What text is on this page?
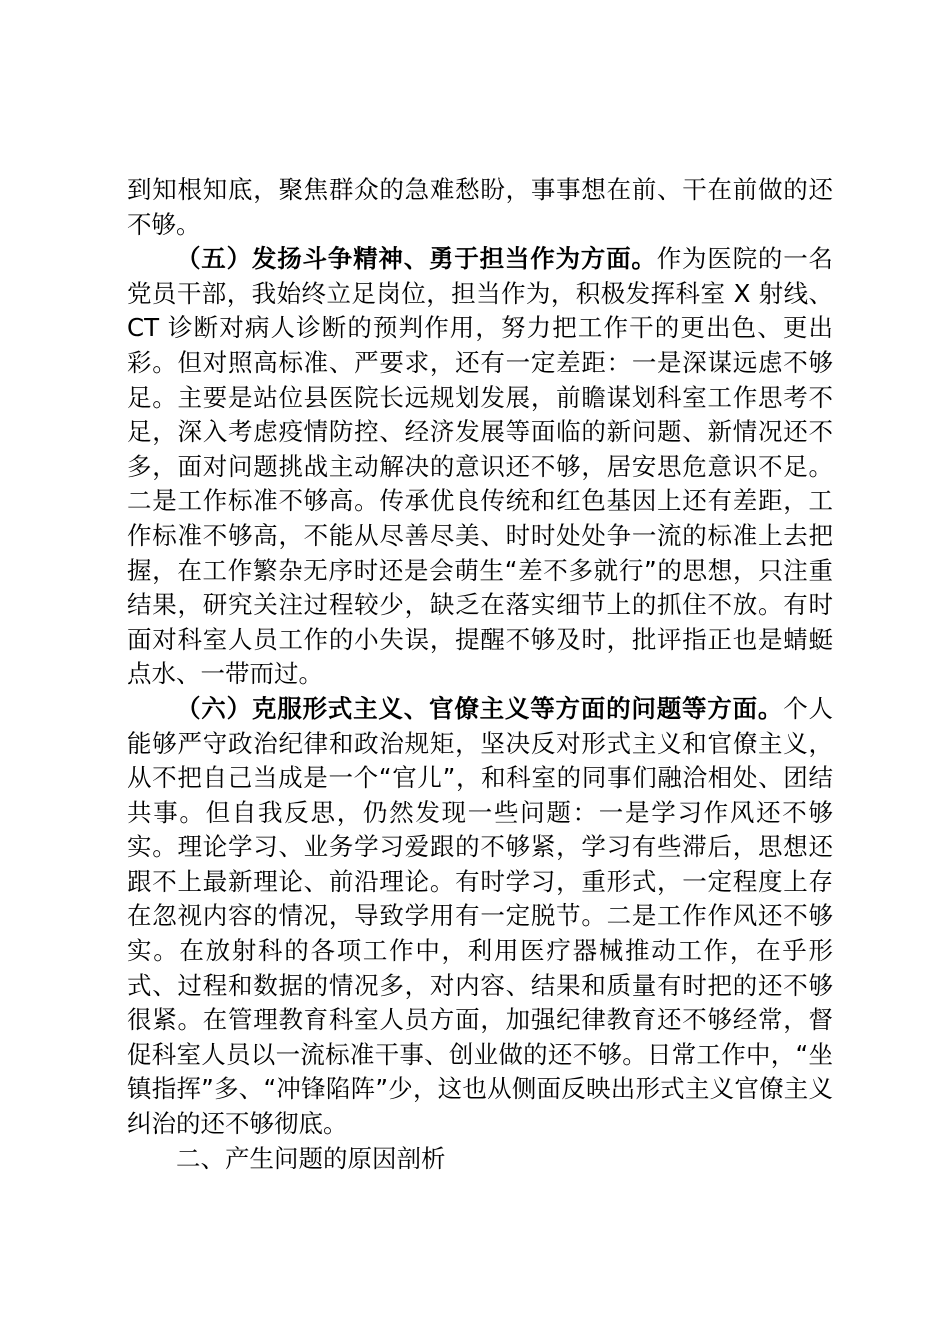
到知根知底，聚焦群众的急难愁盼，事事想在前、干在前做的还不够。

（五）发扬斗争精神、勇于担当作为方面。作为医院的一名党员干部，我始终立足岗位，担当作为，积极发挥科室 X 射线、CT 诊断对病人诊断的预判作用，努力把工作干的更出色、更出彩。但对照高标准、严要求，还有一定差距：一是深谋远虑不够足。主要是站位县医院长远规划发展，前瞻谋划科室工作思考不足，深入考虑疫情防控、经济发展等面临的新问题、新情况还不多，面对问题挑战主动解决的意识还不够，居安思危意识不足。二是工作标准不够高。传承优良传统和红色基因上还有差距，工作标准不够高，不能从尽善尽美、时时处处争一流的标准上去把握，在工作繁杂无序时还是会萌生“差不多就行”的思想，只注重结果，研究关注过程较少，缺乏在落实细节上的抓住不放。有时面对科室人员工作的小失误，提醒不够及时，批评指正也是蜻蜓点水、一带而过。

（六）克服形式主义、官僚主义等方面的问题等方面。个人能够严守政治纪律和政治规矩，坚决反对形式主义和官僚主义，从不把自己当成是一个“官儿”，和科室的同事们融洽相处、团结共事。但自我反思，仍然发现一些问题：一是学习作风还不够实。理论学习、业务学习爱跟的不够紧，学习有些滞后，思想还跟不上最新理论、前沿理论。有时学习，重形式，一定程度上存在忽视内容的情况，导致学用有一定脱节。二是工作作风还不够实。在放射科的各项工作中，利用医疗器械推动工作，在乎形式、过程和数据的情况多，对内容、结果和质量有时把的还不够很紧。在管理教育科室人员方面，加强纪律教育还不够经常，督促科室人员以一流标准干事、创业做的还不够。日常工作中，“坐镇指挥”多、“冲锋陷阵”少，这也从侧面反映出形式主义官僚主义纠治的还不够彻底。

二、产生问题的原因剖析
